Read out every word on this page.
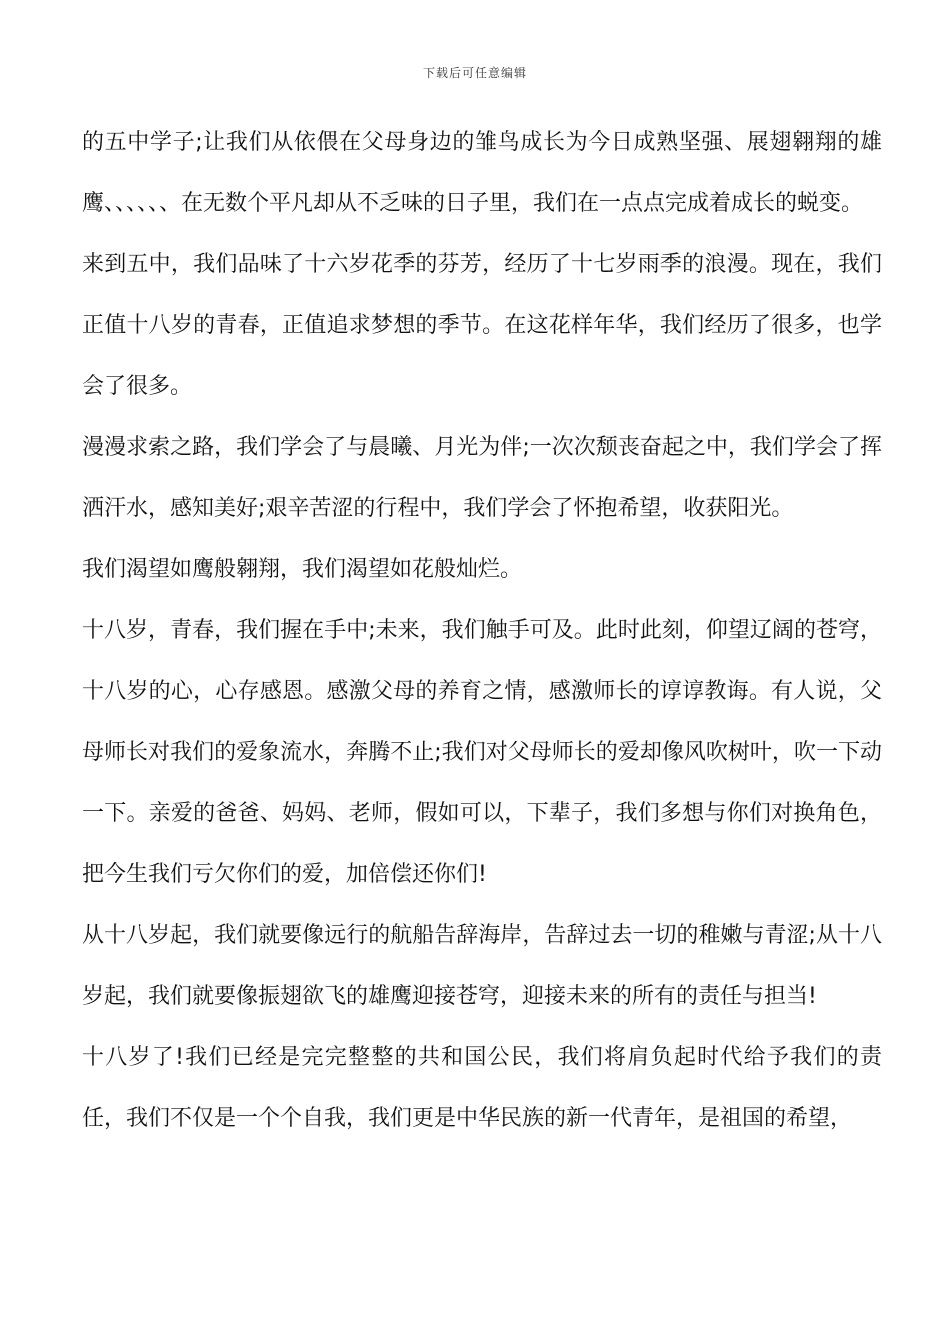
下载后可任意编辑

的五中学子;让我们从依偎在父母身边的雏鸟成长为今日成熟坚强、展翅翱翔的雄鹰、、、、、、在无数个平凡却从不乏味的日子里，我们在一点点完成着成长的蜕变。

来到五中，我们品味了十六岁花季的芬芳，经历了十七岁雨季的浪漫。现在，我们正值十八岁的青春，正值追求梦想的季节。在这花样年华，我们经历了很多，也学会了很多。

漫漫求索之路，我们学会了与晨曦、月光为伴;一次次颓丧奋起之中，我们学会了挥洒汗水，感知美好;艰辛苦涩的行程中，我们学会了怀抱希望，收获阳光。

我们渴望如鹰般翱翔，我们渴望如花般灿烂。

十八岁，青春，我们握在手中;未来，我们触手可及。此时此刻，仰望辽阔的苍穹，十八岁的心，心存感恩。感激父母的养育之情，感激师长的谆谆教诲。有人说，父母师长对我们的爱象流水，奔腾不止;我们对父母师长的爱却像风吹树叶，吹一下动一下。亲爱的爸爸、妈妈、老师，假如可以，下辈子，我们多想与你们对换角色，把今生我们亏欠你们的爱，加倍偿还你们!

从十八岁起，我们就要像远行的航船告辞海岸，告辞过去一切的稚嫩与青涩;从十八岁起，我们就要像振翅欲飞的雄鹰迎接苍穹，迎接未来的所有的责任与担当!

十八岁了!我们已经是完完整整的共和国公民，我们将肩负起时代给予我们的责任，我们不仅是一个个自我，我们更是中华民族的新一代青年，是祖国的希望，
